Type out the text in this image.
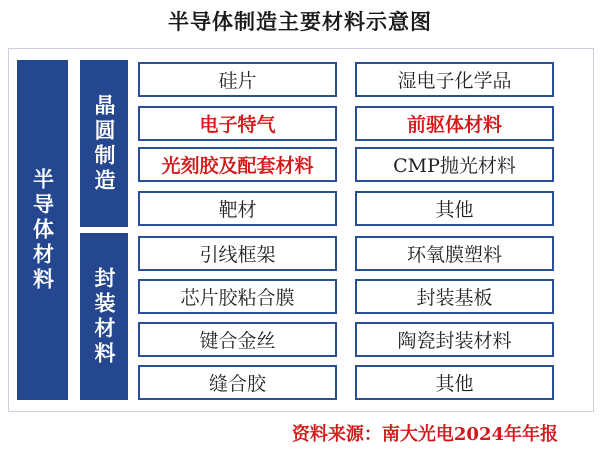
半导体制造主要材料示意图
半导体材料
晶圆制造
封装材料
硅片	湿电子化学品
电子特气	前驱体材料
光刻胶及配套材料	CMP抛光材料
靶材	其他
引线框架	环氧膜塑料
芯片胶粘合膜	封装基板
键合金丝	陶瓷封装材料
缝合胶	其他
资料来源：南大光电2024年年报
